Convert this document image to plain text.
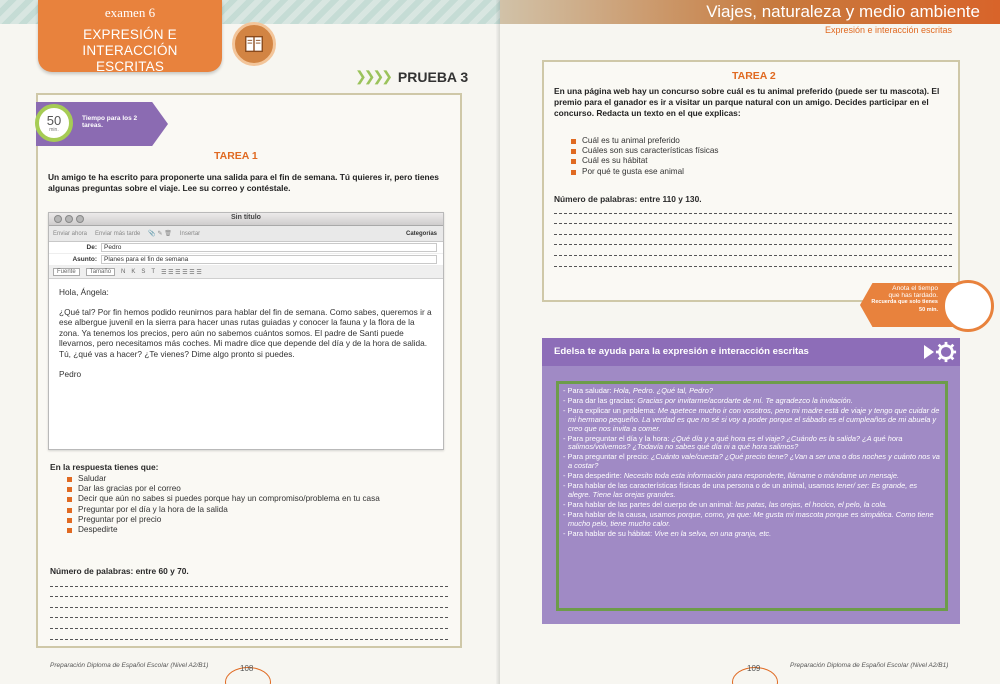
examen 6
EXPRESIÓN E INTERACCIÓN
ESCRITAS
❯❯❯❯ PRUEBA 3
50
min.
Tiempo para los 2 tareas.
TAREA 1
Un amigo te ha escrito para proponerte una salida para el fin de semana. Tú quieres ir, pero tienes algunas preguntas sobre el viaje. Lee su correo y contéstale.
Sin título
Enviar ahora Enviar más tarde 📎 ✎ 🗑 Insertar	Categorías
De:	Pedro
Asunto:	Planes para el fin de semana
Fuente	Tamaño	N K S T ☰ ☰ ☰ ☰ ☰ ☰

Hola, Ángela:

¿Qué tal? Por fin hemos podido reunirnos para hablar del fin de semana. Como sabes, queremos ir a ese albergue juvenil en la sierra para hacer unas rutas guiadas y conocer la fauna y la flora de la zona. Ya tenemos los precios, pero aún no sabemos cuántos somos. El padre de Santi puede llevarnos, pero necesitamos más coches. Mi madre dice que depende del día y de la hora de salida. Tú, ¿qué vas a hacer? ¿Te vienes? Dime algo pronto si puedes.

Pedro

En la respuesta tienes que:
Saludar
Dar las gracias por el correo
Decir que aún no sabes si puedes porque hay un compromiso/problema en tu casa
Preguntar por el día y la hora de la salida
Preguntar por el precio
Despedirte
Número de palabras: entre 60 y 70.
Preparación Diploma de Español Escolar (Nivel A2/B1)	108
Viajes, naturaleza y medio ambiente
Expresión e interacción escritas
TAREA 2
En una página web hay un concurso sobre cuál es tu animal preferido (puede ser tu mascota). El premio para el ganador es ir a visitar un parque natural con un amigo. Decides participar en el concurso. Redacta un texto en el que explicas:
Cuál es tu animal preferido
Cuáles son sus características físicas
Cuál es su hábitat
Por qué te gusta ese animal
Número de palabras: entre 110 y 130.
Anota el tiempo
que has tardado.
Recuerda que solo tienes
50 min.
Edelsa te ayuda para la expresión e interacción escritas
- Para saludar: Hola, Pedro. ¿Qué tal, Pedro?
- Para dar las gracias: Gracias por invitarme/acordarte de mí. Te agradezco la invitación.
- Para explicar un problema: Me apetece mucho ir con vosotros, pero mi madre está de viaje y tengo que cuidar de mi hermano pequeño. La verdad es que no sé si voy a poder porque el sábado es el cumpleaños de mi abuela y creo que nos invita a comer.
- Para preguntar el día y la hora: ¿Qué día y a qué hora es el viaje? ¿Cuándo es la salida? ¿A qué hora salimos/volvemos? ¿Todavía no sabes qué día ni a qué hora salimos?
- Para preguntar el precio: ¿Cuánto vale/cuesta? ¿Qué precio tiene? ¿Van a ser una o dos noches y cuánto nos va a costar?
- Para despedirte: Necesito toda esta información para responderte, llámame o mándame un mensaje.
- Para hablar de las características físicas de una persona o de un animal, usamos tener/ ser: Es grande, es alegre. Tiene las orejas grandes.
- Para hablar de las partes del cuerpo de un animal: las patas, las orejas, el hocico, el pelo, la cola.
- Para hablar de la causa, usamos porque, como, ya que: Me gusta mi mascota porque es simpática. Como tiene mucho pelo, tiene mucho calor.
- Para hablar de su hábitat: Vive en la selva, en una granja, etc.
109	Preparación Diploma de Español Escolar (Nivel A2/B1)
